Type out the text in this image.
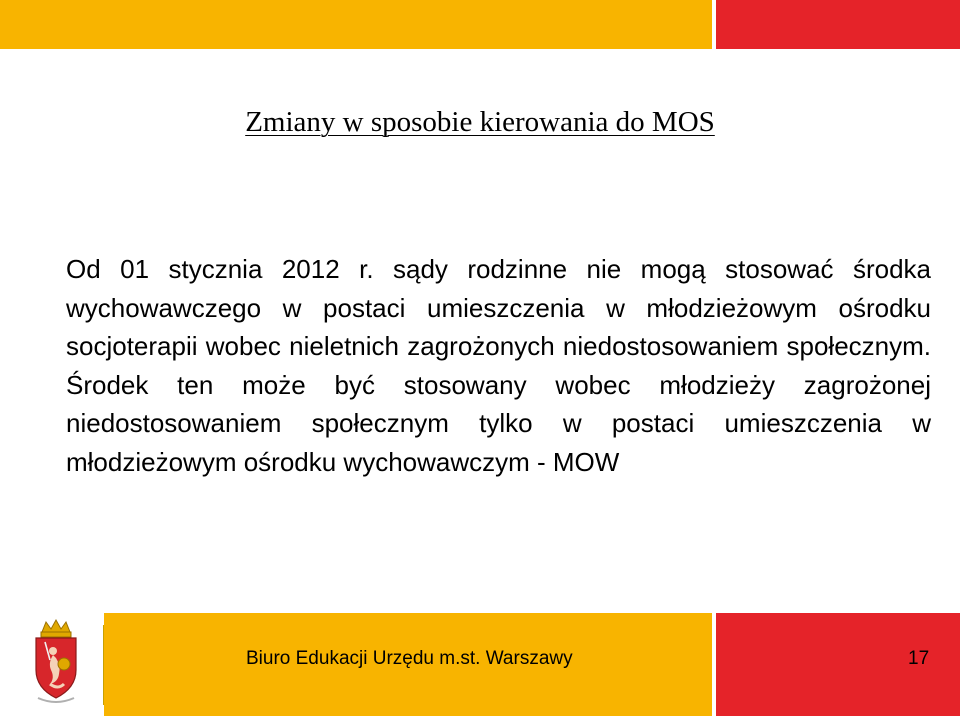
Zmiany w sposobie kierowania do MOS
Od 01 stycznia 2012 r. sądy rodzinne nie mogą stosować środka wychowawczego w postaci umieszczenia w młodzieżowym ośrodku socjoterapii wobec nieletnich zagrożonych niedostosowaniem społecznym. Środek ten może być stosowany wobec młodzieży zagrożonej niedostosowaniem społecznym tylko w postaci umieszczenia w młodzieżowym ośrodku wychowawczym - MOW
Biuro Edukacji Urzędu m.st. Warszawy	17
